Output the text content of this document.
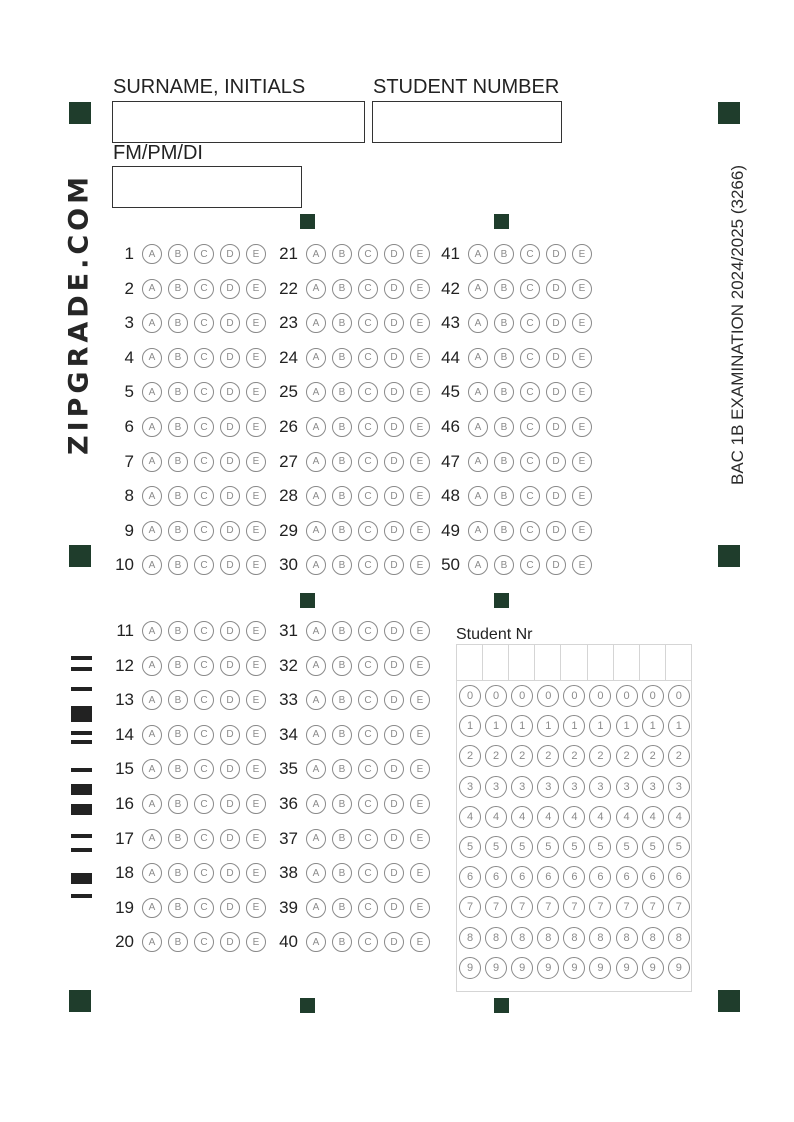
SURNAME, INITIALS	STUDENT NUMBER
FM/PM/DI
ZIPGRADE.COM	BAC 1B EXAMINATION 2024/2025 (3266)
1	A	B	C	D	E
2	A	B	C	D	E
3	A	B	C	D	E
4	A	B	C	D	E
5	A	B	C	D	E
6	A	B	C	D	E
7	A	B	C	D	E
8	A	B	C	D	E
9	A	B	C	D	E
10	A	B	C	D	E
21	A	B	C	D	E
22	A	B	C	D	E
23	A	B	C	D	E
24	A	B	C	D	E
25	A	B	C	D	E
26	A	B	C	D	E
27	A	B	C	D	E
28	A	B	C	D	E
29	A	B	C	D	E
30	A	B	C	D	E
41	A	B	C	D	E
42	A	B	C	D	E
43	A	B	C	D	E
44	A	B	C	D	E
45	A	B	C	D	E
46	A	B	C	D	E
47	A	B	C	D	E
48	A	B	C	D	E
49	A	B	C	D	E
50	A	B	C	D	E
11	A	B	C	D	E
12	A	B	C	D	E
13	A	B	C	D	E
14	A	B	C	D	E
15	A	B	C	D	E
16	A	B	C	D	E
17	A	B	C	D	E
18	A	B	C	D	E
19	A	B	C	D	E
20	A	B	C	D	E
31	A	B	C	D	E
32	A	B	C	D	E
33	A	B	C	D	E
34	A	B	C	D	E
35	A	B	C	D	E
36	A	B	C	D	E
37	A	B	C	D	E
38	A	B	C	D	E
39	A	B	C	D	E
40	A	B	C	D	E
Student Nr
0	0	0	0	0	0	0	0	0
1	1	1	1	1	1	1	1	1
2	2	2	2	2	2	2	2	2
3	3	3	3	3	3	3	3	3
4	4	4	4	4	4	4	4	4
5	5	5	5	5	5	5	5	5
6	6	6	6	6	6	6	6	6
7	7	7	7	7	7	7	7	7
8	8	8	8	8	8	8	8	8
9	9	9	9	9	9	9	9	9
